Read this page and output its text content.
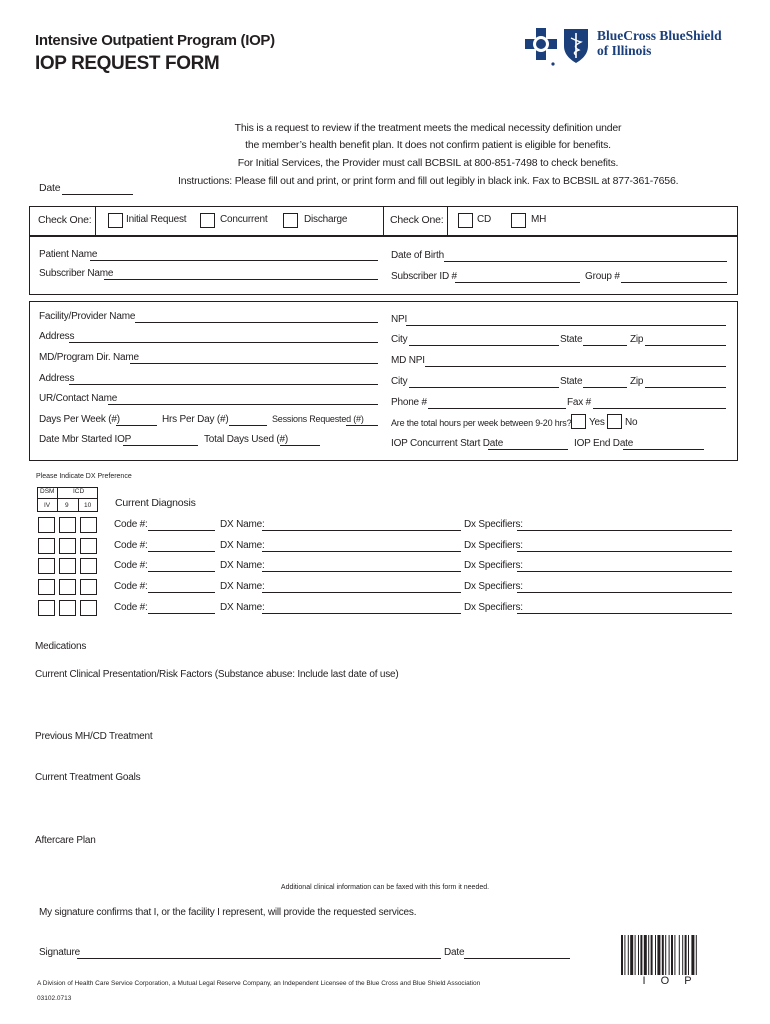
Intensive Outpatient Program (IOP)
IOP REQUEST FORM
BlueCross BlueShield
of Illinois
This is a request to review if the treatment meets the medical necessity definition under
the member’s health benefit plan. It does not confirm patient is eligible for benefits.
For Initial Services, the Provider must call BCBSIL at 800-851-7498 to check benefits.
Instructions: Please fill out and print, or print form and fill out legibly in black ink. Fax to BCBSIL at 877-361-7656.
Date
Check One:	Initial Request	Concurrent	Discharge	Check One:	CD	MH
Patient Name
Subscriber Name
Date of Birth
Subscriber ID #	Group #
Facility/Provider Name
Address
MD/Program Dir. Name
Address
UR/Contact Name
Days Per Week (#)	Hrs Per Day (#)	Sessions Requested (#)
Date Mbr Started IOP	Total Days Used (#)
NPI
City	State	Zip
MD NPI
City	State	Zip
Phone #	Fax #
Are the total hours per week between 9-20 hrs? Yes No
IOP Concurrent Start Date	IOP End Date
Please Indicate DX Preference
DSM	ICD
IV 9 10 Current Diagnosis
Code #:	DX Name:	Dx Specifiers:
Code #:	DX Name:	Dx Specifiers:
Code #:	DX Name:	Dx Specifiers:
Code #:	DX Name:	Dx Specifiers:
Code #:	DX Name:	Dx Specifiers:
Medications
Current Clinical Presentation/Risk Factors (Substance abuse: Include last date of use)
Previous MH/CD Treatment
Current Treatment Goals
Aftercare Plan
Additional clinical information can be faxed with this form it needed.
My signature confirms that I, or the facility I represent, will provide the requested services.
Signature	Date
A Division of Health Care Service Corporation, a Mutual Legal Reserve Company, an Independent Licensee of the Blue Cross and Blue Shield Association
03102.0713
I O P
